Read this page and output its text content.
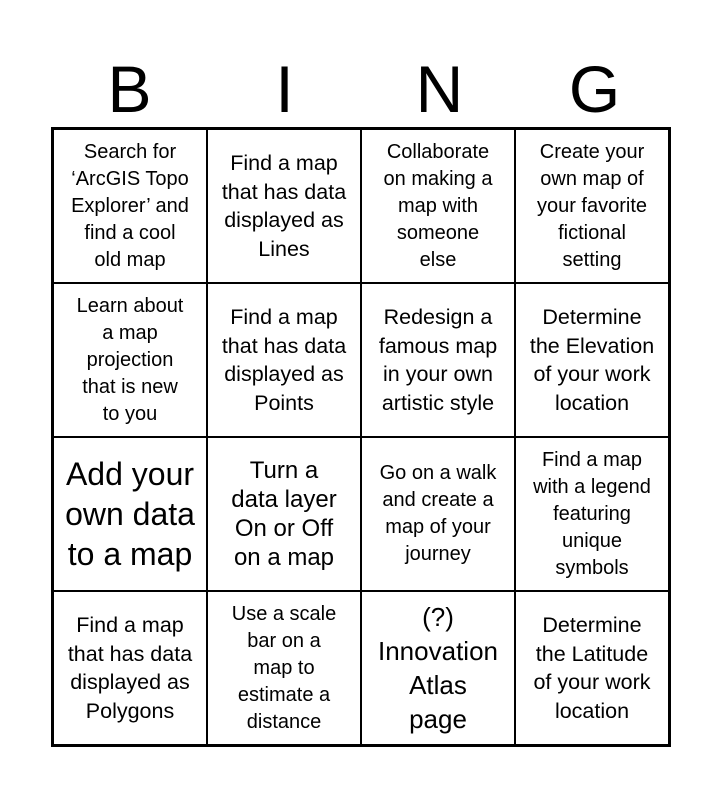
B	I	N	G
Search for
‘ArcGIS Topo
Explorer’ and
find a cool
old map
Find a map
that has data
displayed as
Lines
Collaborate
on making a
map with
someone
else
Create your
own map of
your favorite
fictional
setting
Learn about
a map
projection
that is new
to you
Find a map
that has data
displayed as
Points
Redesign a
famous map
in your own
artistic style
Determine
the Elevation
of your work
location
Add your
own data
to a map
Turn a
data layer
On or Off
on a map
Go on a walk
and create a
map of your
journey
Find a map
with a legend
featuring
unique
symbols
Find a map
that has data
displayed as
Polygons
Use a scale
bar on a
map to
estimate a
distance
(?)
Innovation
Atlas
page
Determine
the Latitude
of your work
location
